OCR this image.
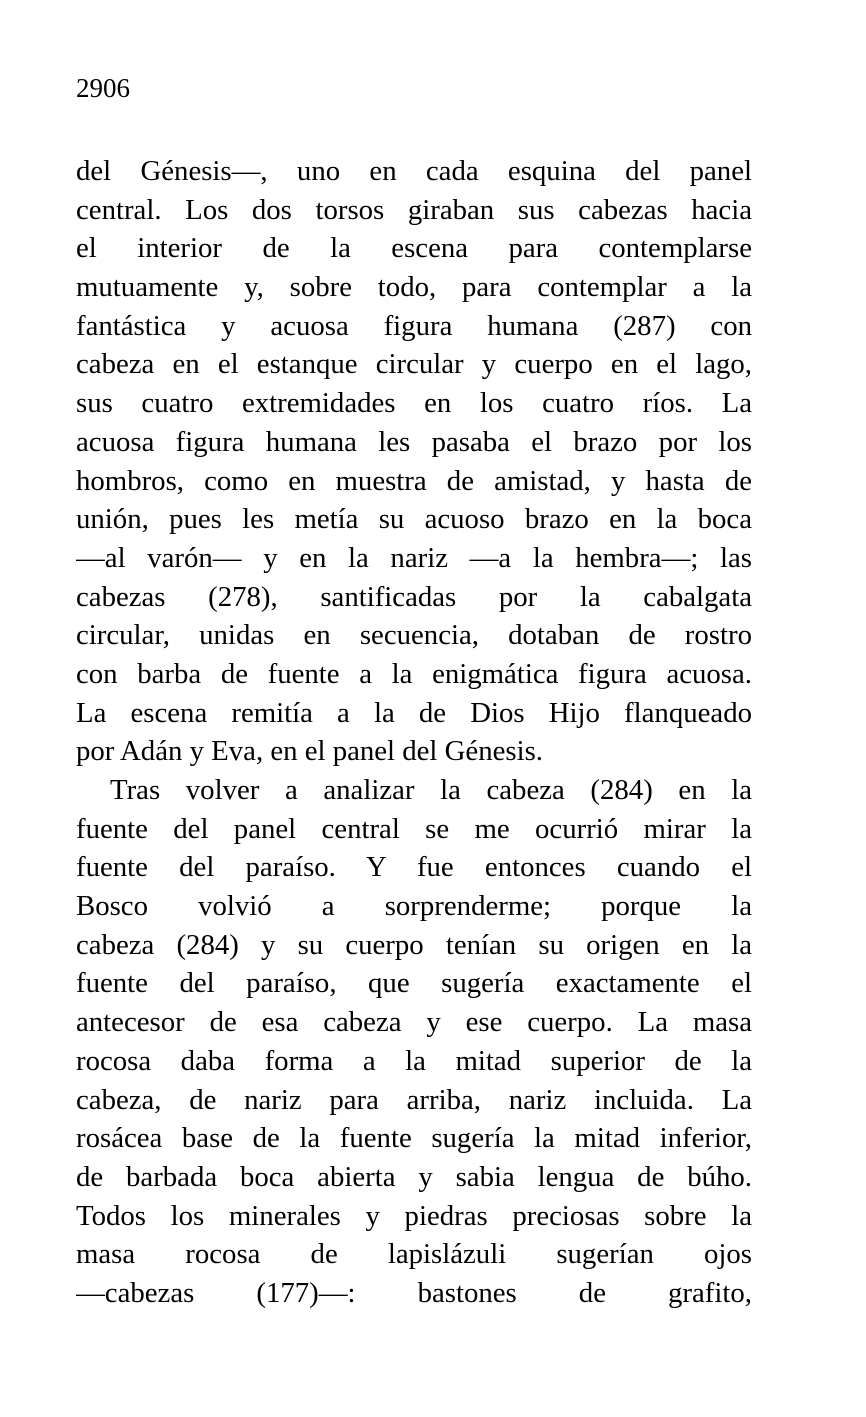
2906
del Génesis—, uno en cada esquina del panel
central. Los dos torsos giraban sus cabezas hacia
el interior de la escena para contemplarse
mutuamente y, sobre todo, para contemplar a la
fantástica y acuosa figura humana (287) con
cabeza en el estanque circular y cuerpo en el lago,
sus cuatro extremidades en los cuatro ríos. La
acuosa figura humana les pasaba el brazo por los
hombros, como en muestra de amistad, y hasta de
unión, pues les metía su acuoso brazo en la boca
—al varón— y en la nariz —a la hembra—; las
cabezas (278), santificadas por la cabalgata
circular, unidas en secuencia, dotaban de rostro
con barba de fuente a la enigmática figura acuosa.
La escena remitía a la de Dios Hijo flanqueado
por Adán y Eva, en el panel del Génesis.
Tras volver a analizar la cabeza (284) en la
fuente del panel central se me ocurrió mirar la
fuente del paraíso. Y fue entonces cuando el
Bosco volvió a sorprenderme; porque la
cabeza (284) y su cuerpo tenían su origen en la
fuente del paraíso, que sugería exactamente el
antecesor de esa cabeza y ese cuerpo. La masa
rocosa daba forma a la mitad superior de la
cabeza, de nariz para arriba, nariz incluida. La
rosácea base de la fuente sugería la mitad inferior,
de barbada boca abierta y sabia lengua de búho.
Todos los minerales y piedras preciosas sobre la
masa rocosa de lapislázuli sugerían ojos
—cabezas (177)—: bastones de grafito,
